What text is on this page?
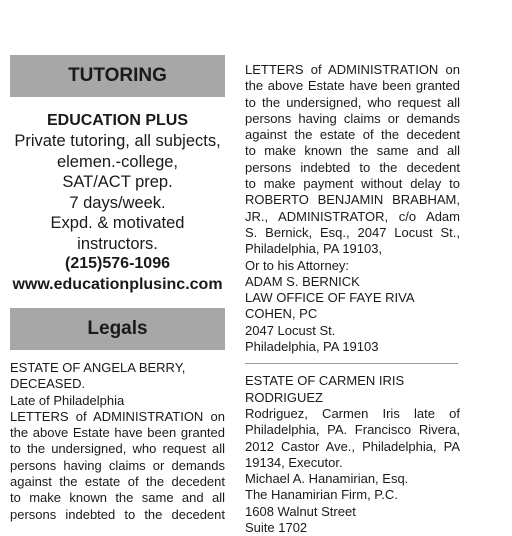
TUTORING
EDUCATION PLUS
Private tutoring, all subjects,
elemen.-college,
SAT/ACT prep.
7 days/week.
Expd. & motivated
instructors.
(215)576-1096
www.educationplusinc.com
Legals
ESTATE OF ANGELA BERRY,
DECEASED.
Late of Philadelphia
LETTERS of ADMINISTRATION on
the above Estate have been granted
to the undersigned, who request all
persons having claims or demands
against the estate of the decedent
to make known the same and all
persons indebted to the decedent
LETTERS of ADMINISTRATION on
the above Estate have been granted
to the undersigned, who request all
persons having claims or demands
against the estate of the decedent
to make known the same and all
persons indebted to the decedent
to make payment without delay to
ROBERTO BENJAMIN BRABHAM,
JR., ADMINISTRATOR, c/o Adam
S. Bernick, Esq., 2047 Locust St.,
Philadelphia, PA 19103,
Or to his Attorney:
ADAM S. BERNICK
LAW OFFICE OF FAYE RIVA
COHEN, PC
2047 Locust St.
Philadelphia, PA 19103
ESTATE OF CARMEN IRIS
RODRIGUEZ
Rodriguez, Carmen Iris late of
Philadelphia, PA. Francisco Rivera,
2012 Castor Ave., Philadelphia, PA
19134, Executor.
Michael A. Hanamirian, Esq.
The Hanamirian Firm, P.C.
1608 Walnut Street
Suite 1702
